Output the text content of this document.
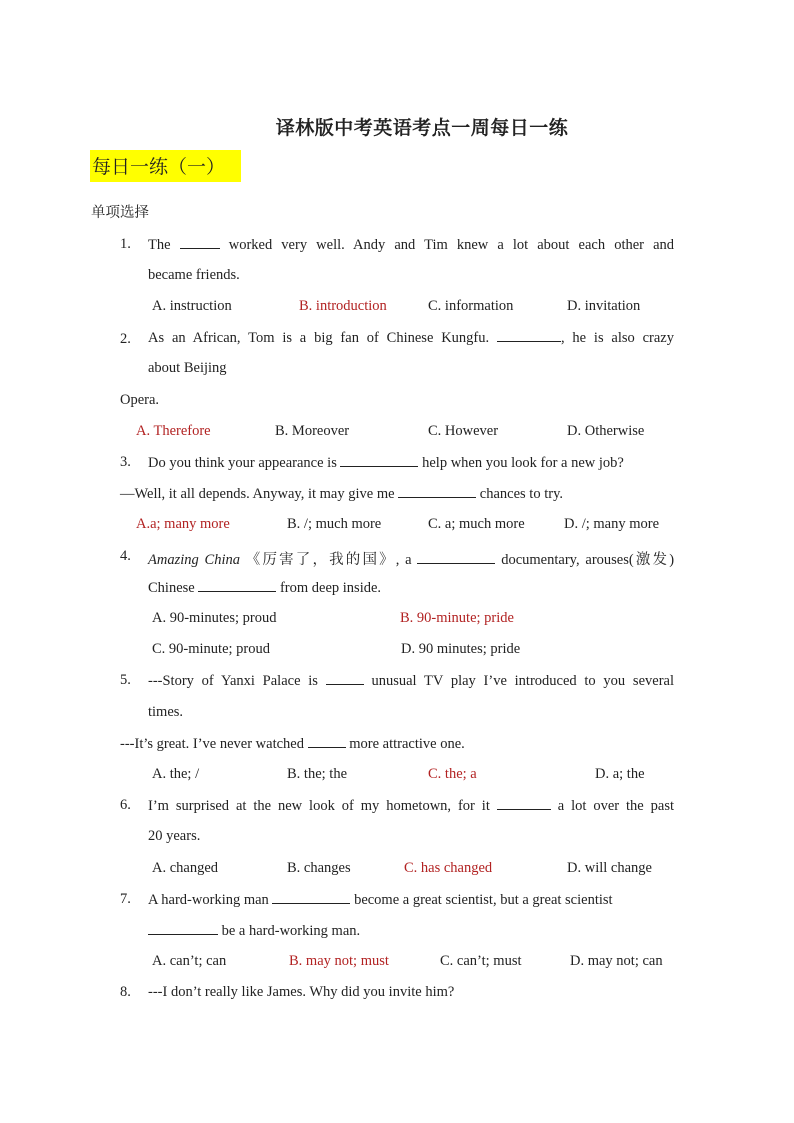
译林版中考英语考点一周每日一练
每日一练（一）
单项选择
1. The	worked very well. Andy and Tim knew a lot about each other and
became friends.
A. instruction	B. introduction	C. information	D. invitation
2. As an African, Tom is a big fan of Chinese Kungfu.	, he is also crazy
about Beijing
Opera.
A. Therefore	B. Moreover	C. However	D. Otherwise
3. Do you think your appearance is	help when you look for a new job?
—Well, it all depends. Anyway, it may give me	chances to try.
A.a; many more	B. /; much more	C. a; much more	D. /; many more
4. Amazing China 《厉害了，我的国》, a	documentary, arouses(激发)
Chinese	from deep inside.
A. 90-minutes; proud	B. 90-minute; pride
C. 90-minute; proud	D. 90 minutes; pride
5. ---Story of Yanxi Palace is	unusual TV play I’ve introduced to you several
times.
---It’s great. I’ve never watched	more attractive one.
A. the; /	B. the; the	C. the; a	D. a; the
6. I’m surprised at the new look of my hometown, for it	a lot over the past
20 years.
A. changed	B. changes	C. has changed	D. will change
7. A hard-working man	become a great scientist, but a great scientist
be a hard-working man.
A. can’t; can	B. may not; must	C. can’t; must	D. may not; can
8. ---I don’t really like James. Why did you invite him?
